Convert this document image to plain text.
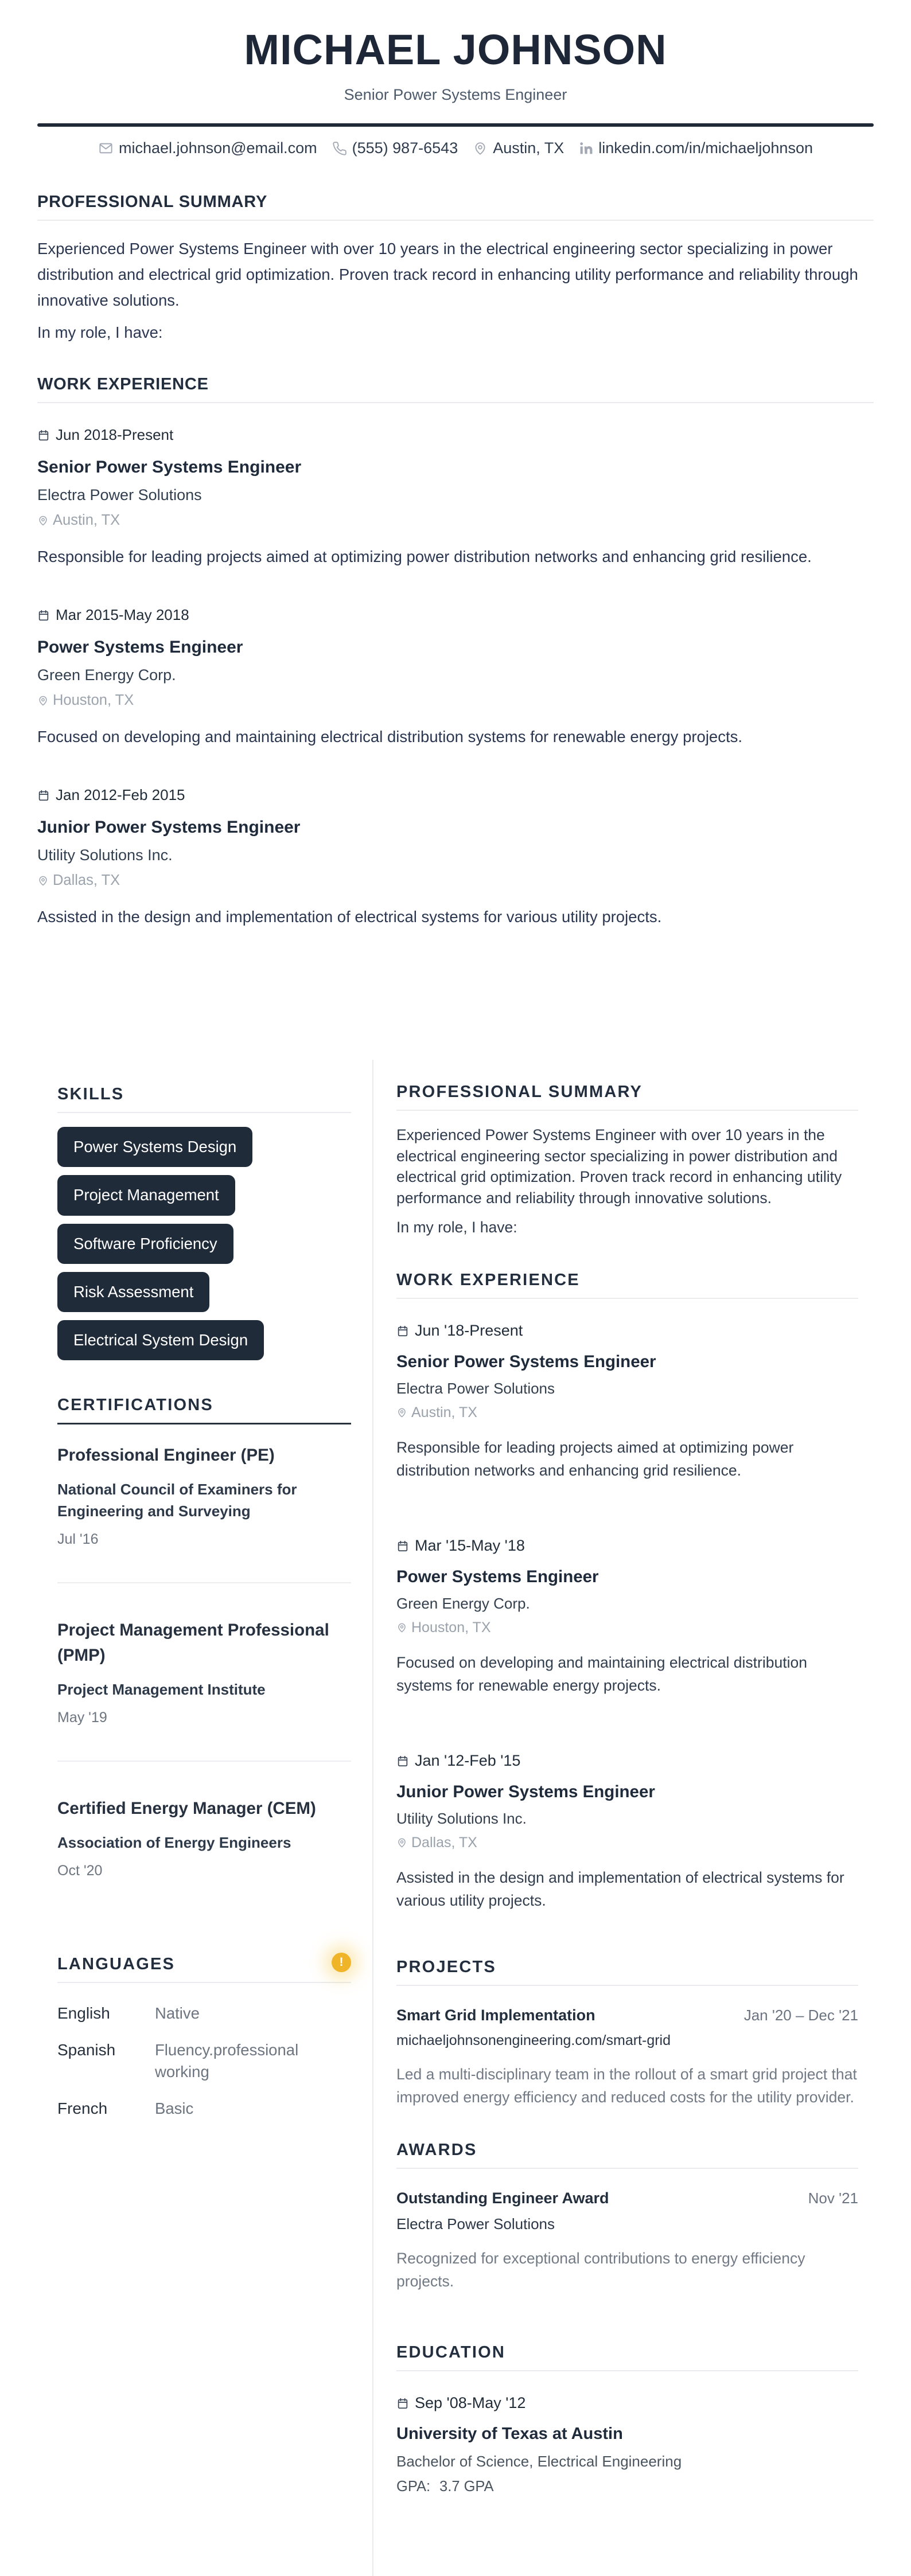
MICHAEL JOHNSON
Senior Power Systems Engineer
michael.johnson@email.com (555) 987-6543 Austin, TX linkedin.com/in/michaeljohnson
PROFESSIONAL SUMMARY
Experienced Power Systems Engineer with over 10 years in the electrical engineering sector specializing in power distribution and electrical grid optimization. Proven track record in enhancing utility performance and reliability through innovative solutions.
In my role, I have:
WORK EXPERIENCE
Jun 2018-Present
Senior Power Systems Engineer
Electra Power Solutions
Austin, TX
Responsible for leading projects aimed at optimizing power distribution networks and enhancing grid resilience.
Mar 2015-May 2018
Power Systems Engineer
Green Energy Corp.
Houston, TX
Focused on developing and maintaining electrical distribution systems for renewable energy projects.
Jan 2012-Feb 2015
Junior Power Systems Engineer
Utility Solutions Inc.
Dallas, TX
Assisted in the design and implementation of electrical systems for various utility projects.
SKILLS
Power Systems Design
Project Management
Software Proficiency
Risk Assessment
Electrical System Design
CERTIFICATIONS
Professional Engineer (PE)
National Council of Examiners for Engineering and Surveying
Jul '16
Project Management Professional (PMP)
Project Management Institute
May '19
Certified Energy Manager (CEM)
Association of Energy Engineers
Oct '20
LANGUAGES	!
English	Native
Spanish	Fluency.professional working
French	Basic
PROFESSIONAL SUMMARY
Experienced Power Systems Engineer with over 10 years in the electrical engineering sector specializing in power distribution and electrical grid optimization. Proven track record in enhancing utility performance and reliability through innovative solutions.
In my role, I have:
WORK EXPERIENCE
Jun '18-Present
Senior Power Systems Engineer
Electra Power Solutions
Austin, TX
Responsible for leading projects aimed at optimizing power distribution networks and enhancing grid resilience.
Mar '15-May '18
Power Systems Engineer
Green Energy Corp.
Houston, TX
Focused on developing and maintaining electrical distribution systems for renewable energy projects.
Jan '12-Feb '15
Junior Power Systems Engineer
Utility Solutions Inc.
Dallas, TX
Assisted in the design and implementation of electrical systems for various utility projects.
PROJECTS
Smart Grid Implementation	Jan '20 – Dec '21
michaeljohnsonengineering.com/smart-grid
Led a multi-disciplinary team in the rollout of a smart grid project that improved energy efficiency and reduced costs for the utility provider.
AWARDS
Outstanding Engineer Award	Nov '21
Electra Power Solutions
Recognized for exceptional contributions to energy efficiency projects.
EDUCATION
Sep '08-May '12
University of Texas at Austin
Bachelor of Science, Electrical Engineering
GPA: 3.7 GPA
